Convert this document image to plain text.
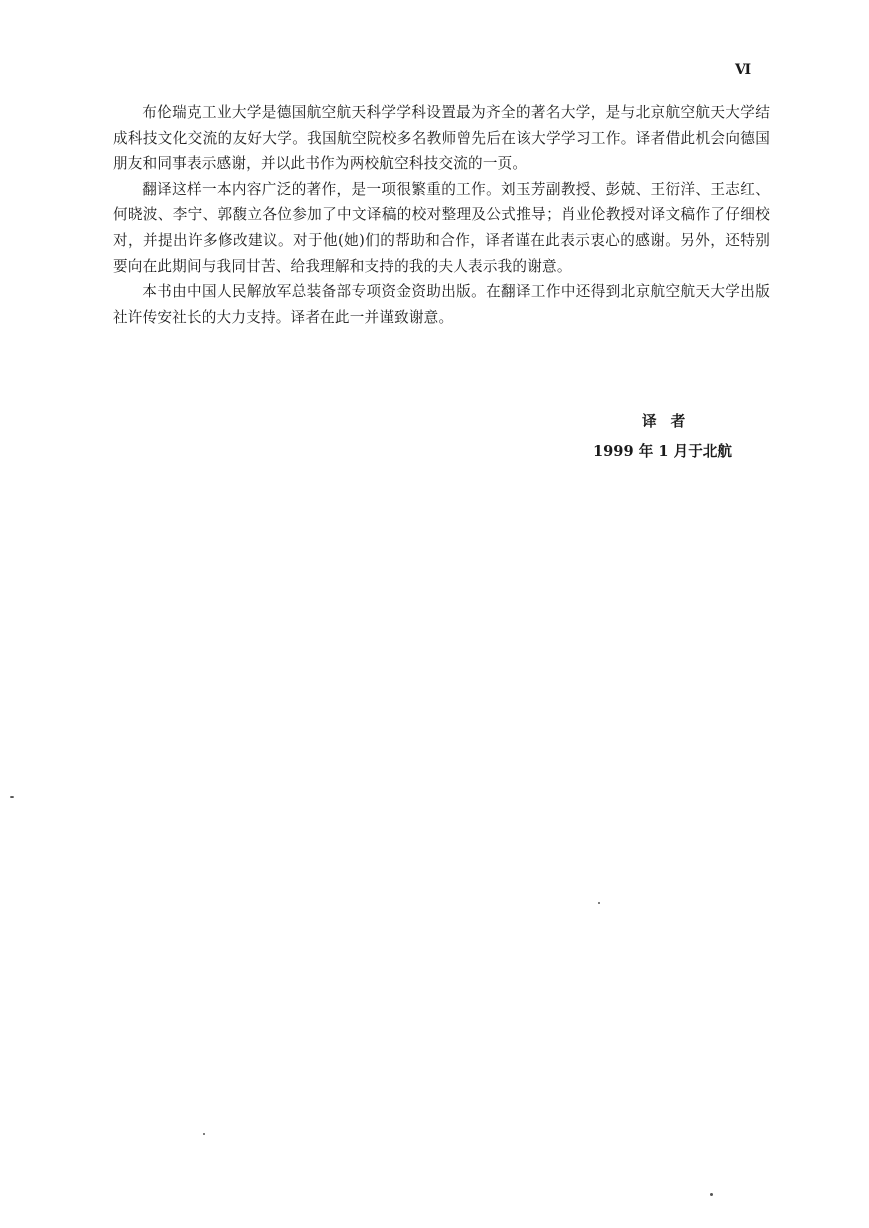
Ⅵ

布伦瑞克工业大学是德国航空航天科学学科设置最为齐全的著名大学，是与北京航空航天大学结成科技文化交流的友好大学。我国航空院校多名教师曾先后在该大学学习工作。译者借此机会向德国朋友和同事表示感谢，并以此书作为两校航空科技交流的一页。

翻译这样一本内容广泛的著作，是一项很繁重的工作。刘玉芳副教授、彭兢、王衍洋、王志红、何晓波、李宁、郭馥立各位参加了中文译稿的校对整理及公式推导；肖业伦教授对译文稿作了仔细校对，并提出许多修改建议。对于他(她)们的帮助和合作，译者谨在此表示衷心的感谢。另外，还特别要向在此期间与我同甘苦、给我理解和支持的我的夫人表示我的谢意。

本书由中国人民解放军总装备部专项资金资助出版。在翻译工作中还得到北京航空航天大学出版社许传安社长的大力支持。译者在此一并谨致谢意。

译者

1999 年 1 月于北航
